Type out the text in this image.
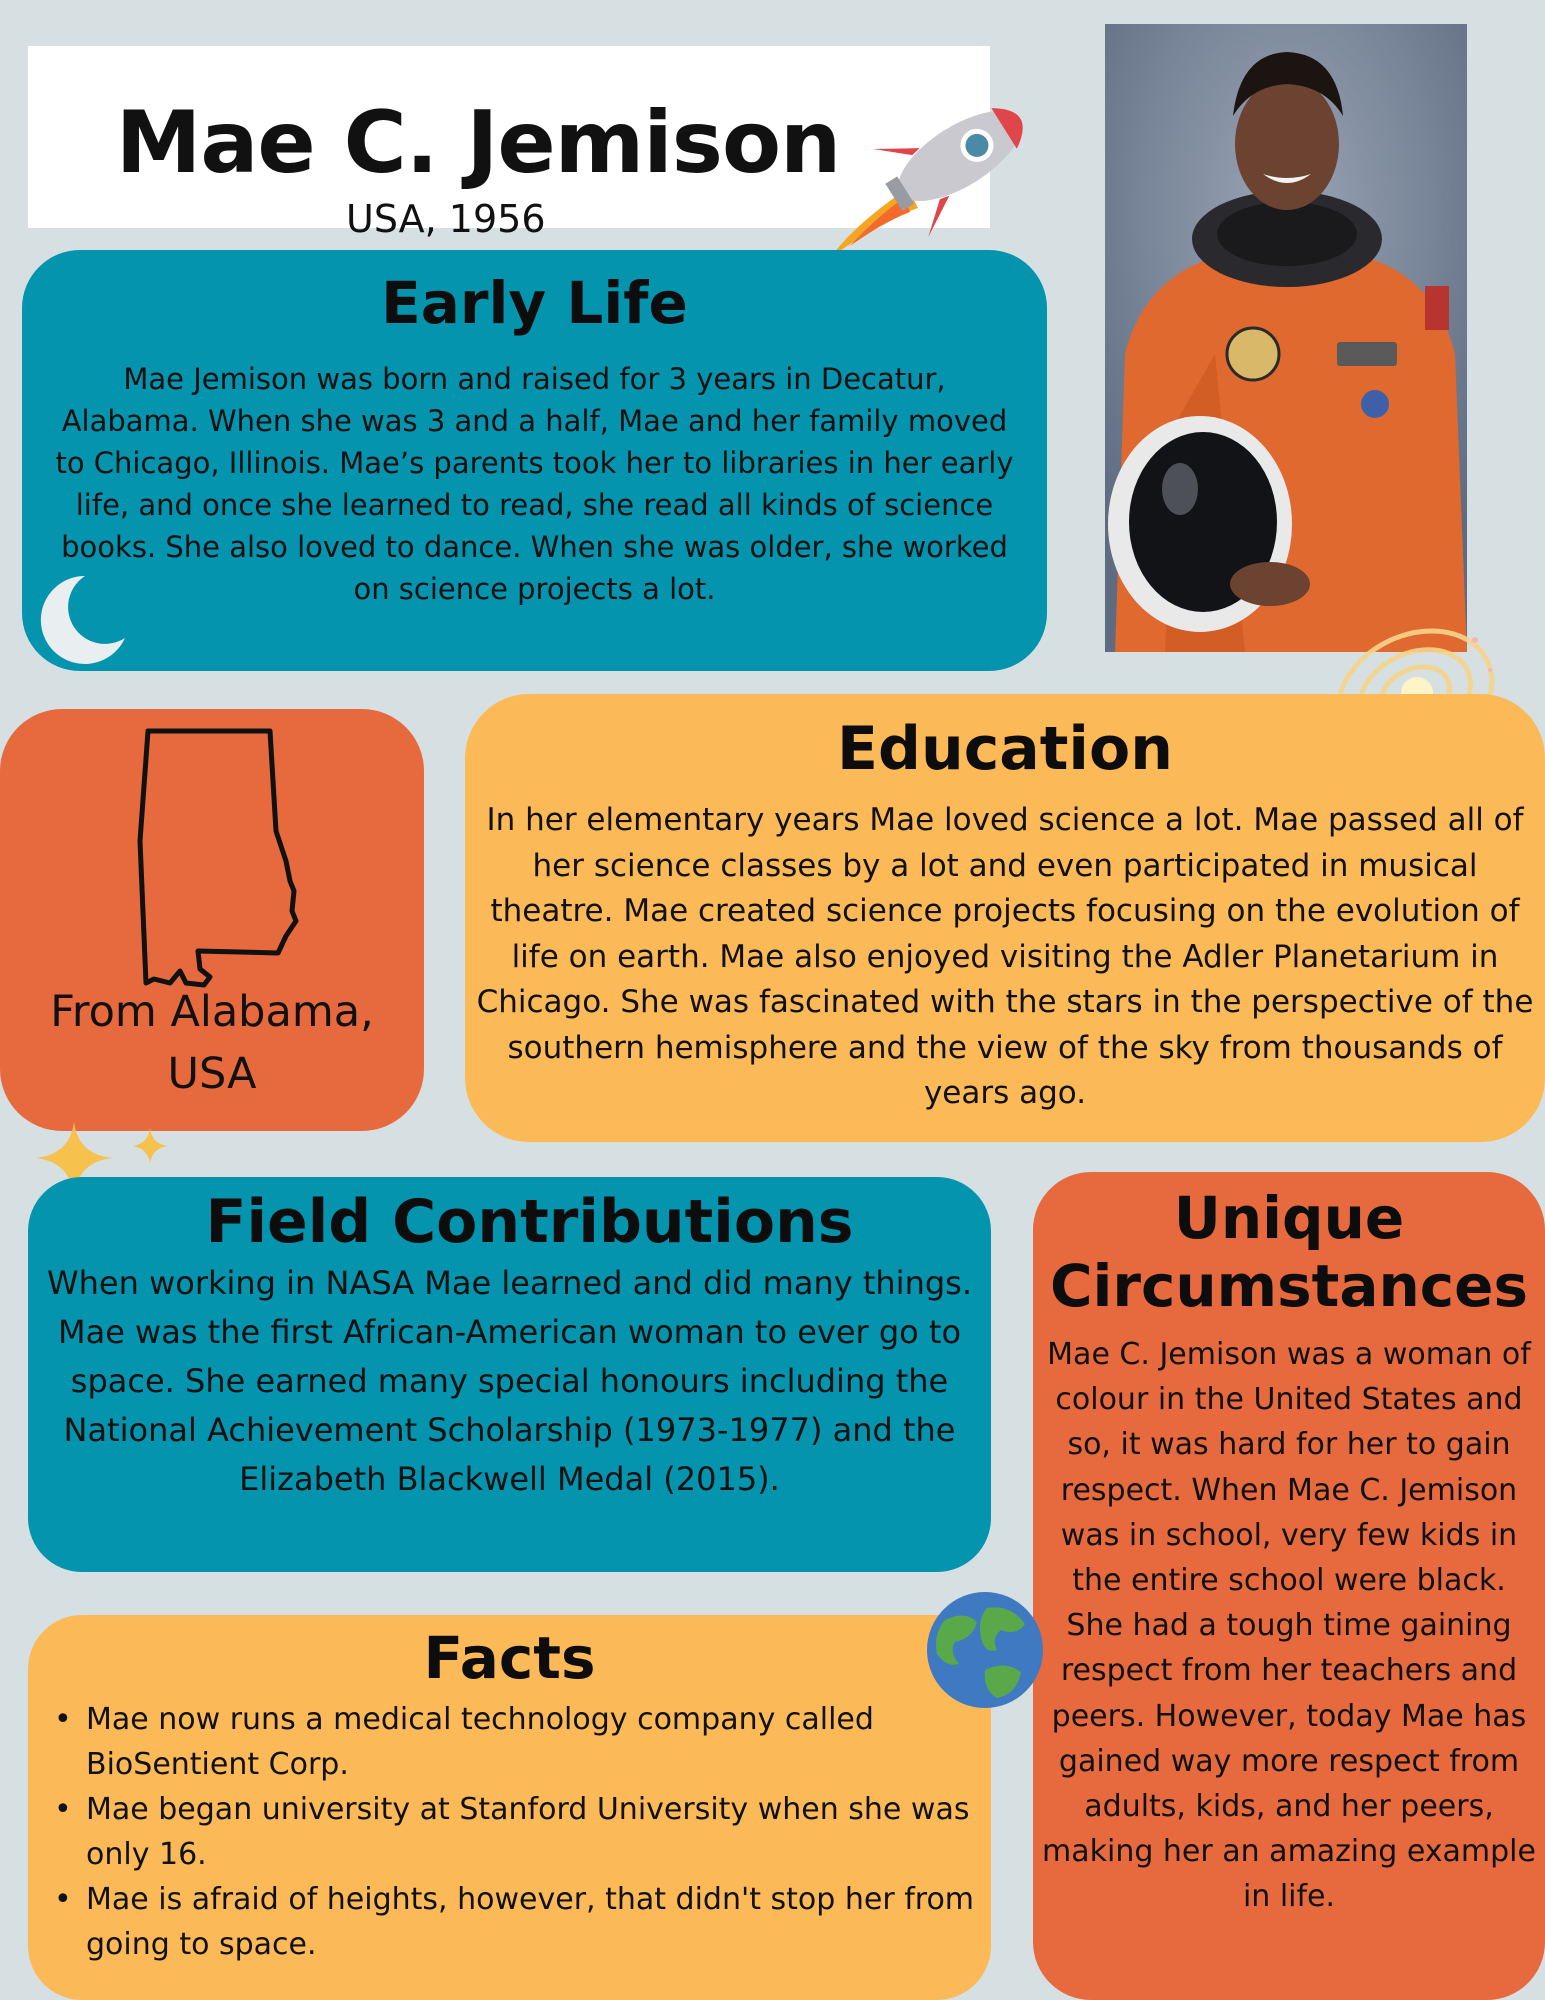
Mae C. Jemison
USA, 1956
Early Life
Mae Jemison was born and raised for 3 years in Decatur, Alabama. When she was 3 and a half, Mae and her family moved to Chicago, Illinois. Mae’s parents took her to libraries in her early life, and once she learned to read, she read all kinds of science books. She also loved to dance. When she was older, she worked on science projects a lot.
From Alabama,
USA
Education
In her elementary years Mae loved science a lot. Mae passed all of her science classes by a lot and even participated in musical theatre. Mae created science projects focusing on the evolution of life on earth. Mae also enjoyed visiting the Adler Planetarium in Chicago. She was fascinated with the stars in the perspective of the southern hemisphere and the view of the sky from thousands of years ago.
Field Contributions
When working in NASA Mae learned and did many things. Mae was the first African-American woman to ever go to space. She earned many special honours including the National Achievement Scholarship (1973-1977) and the Elizabeth Blackwell Medal (2015).
Unique Circumstances
Mae C. Jemison was a woman of colour in the United States and so, it was hard for her to gain respect. When Mae C. Jemison was in school, very few kids in the entire school were black. She had a tough time gaining respect from her teachers and peers. However, today Mae has gained way more respect from adults, kids, and her peers, making her an amazing example in life.
Facts
• Mae now runs a medical technology company called BioSentient Corp.
• Mae began university at Stanford University when she was only 16.
• Mae is afraid of heights, however, that didn't stop her from going to space.
